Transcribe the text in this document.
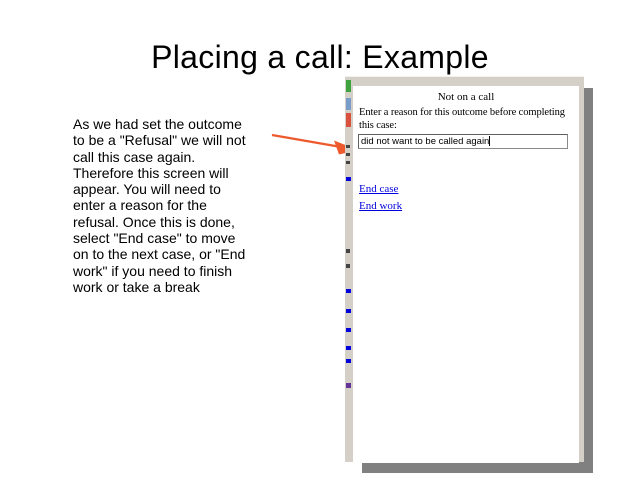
Placing a call: Example
As we had set the outcome
to be a "Refusal" we will not
call this case again.
Therefore this screen will
appear. You will need to
enter a reason for the
refusal. Once this is done,
select "End case" to move
on to the next case, or "End
work" if you need to finish
work or take a break
Not on a call
Enter a reason for this outcome before completing this case:
did not want to be called again
End case
End work
